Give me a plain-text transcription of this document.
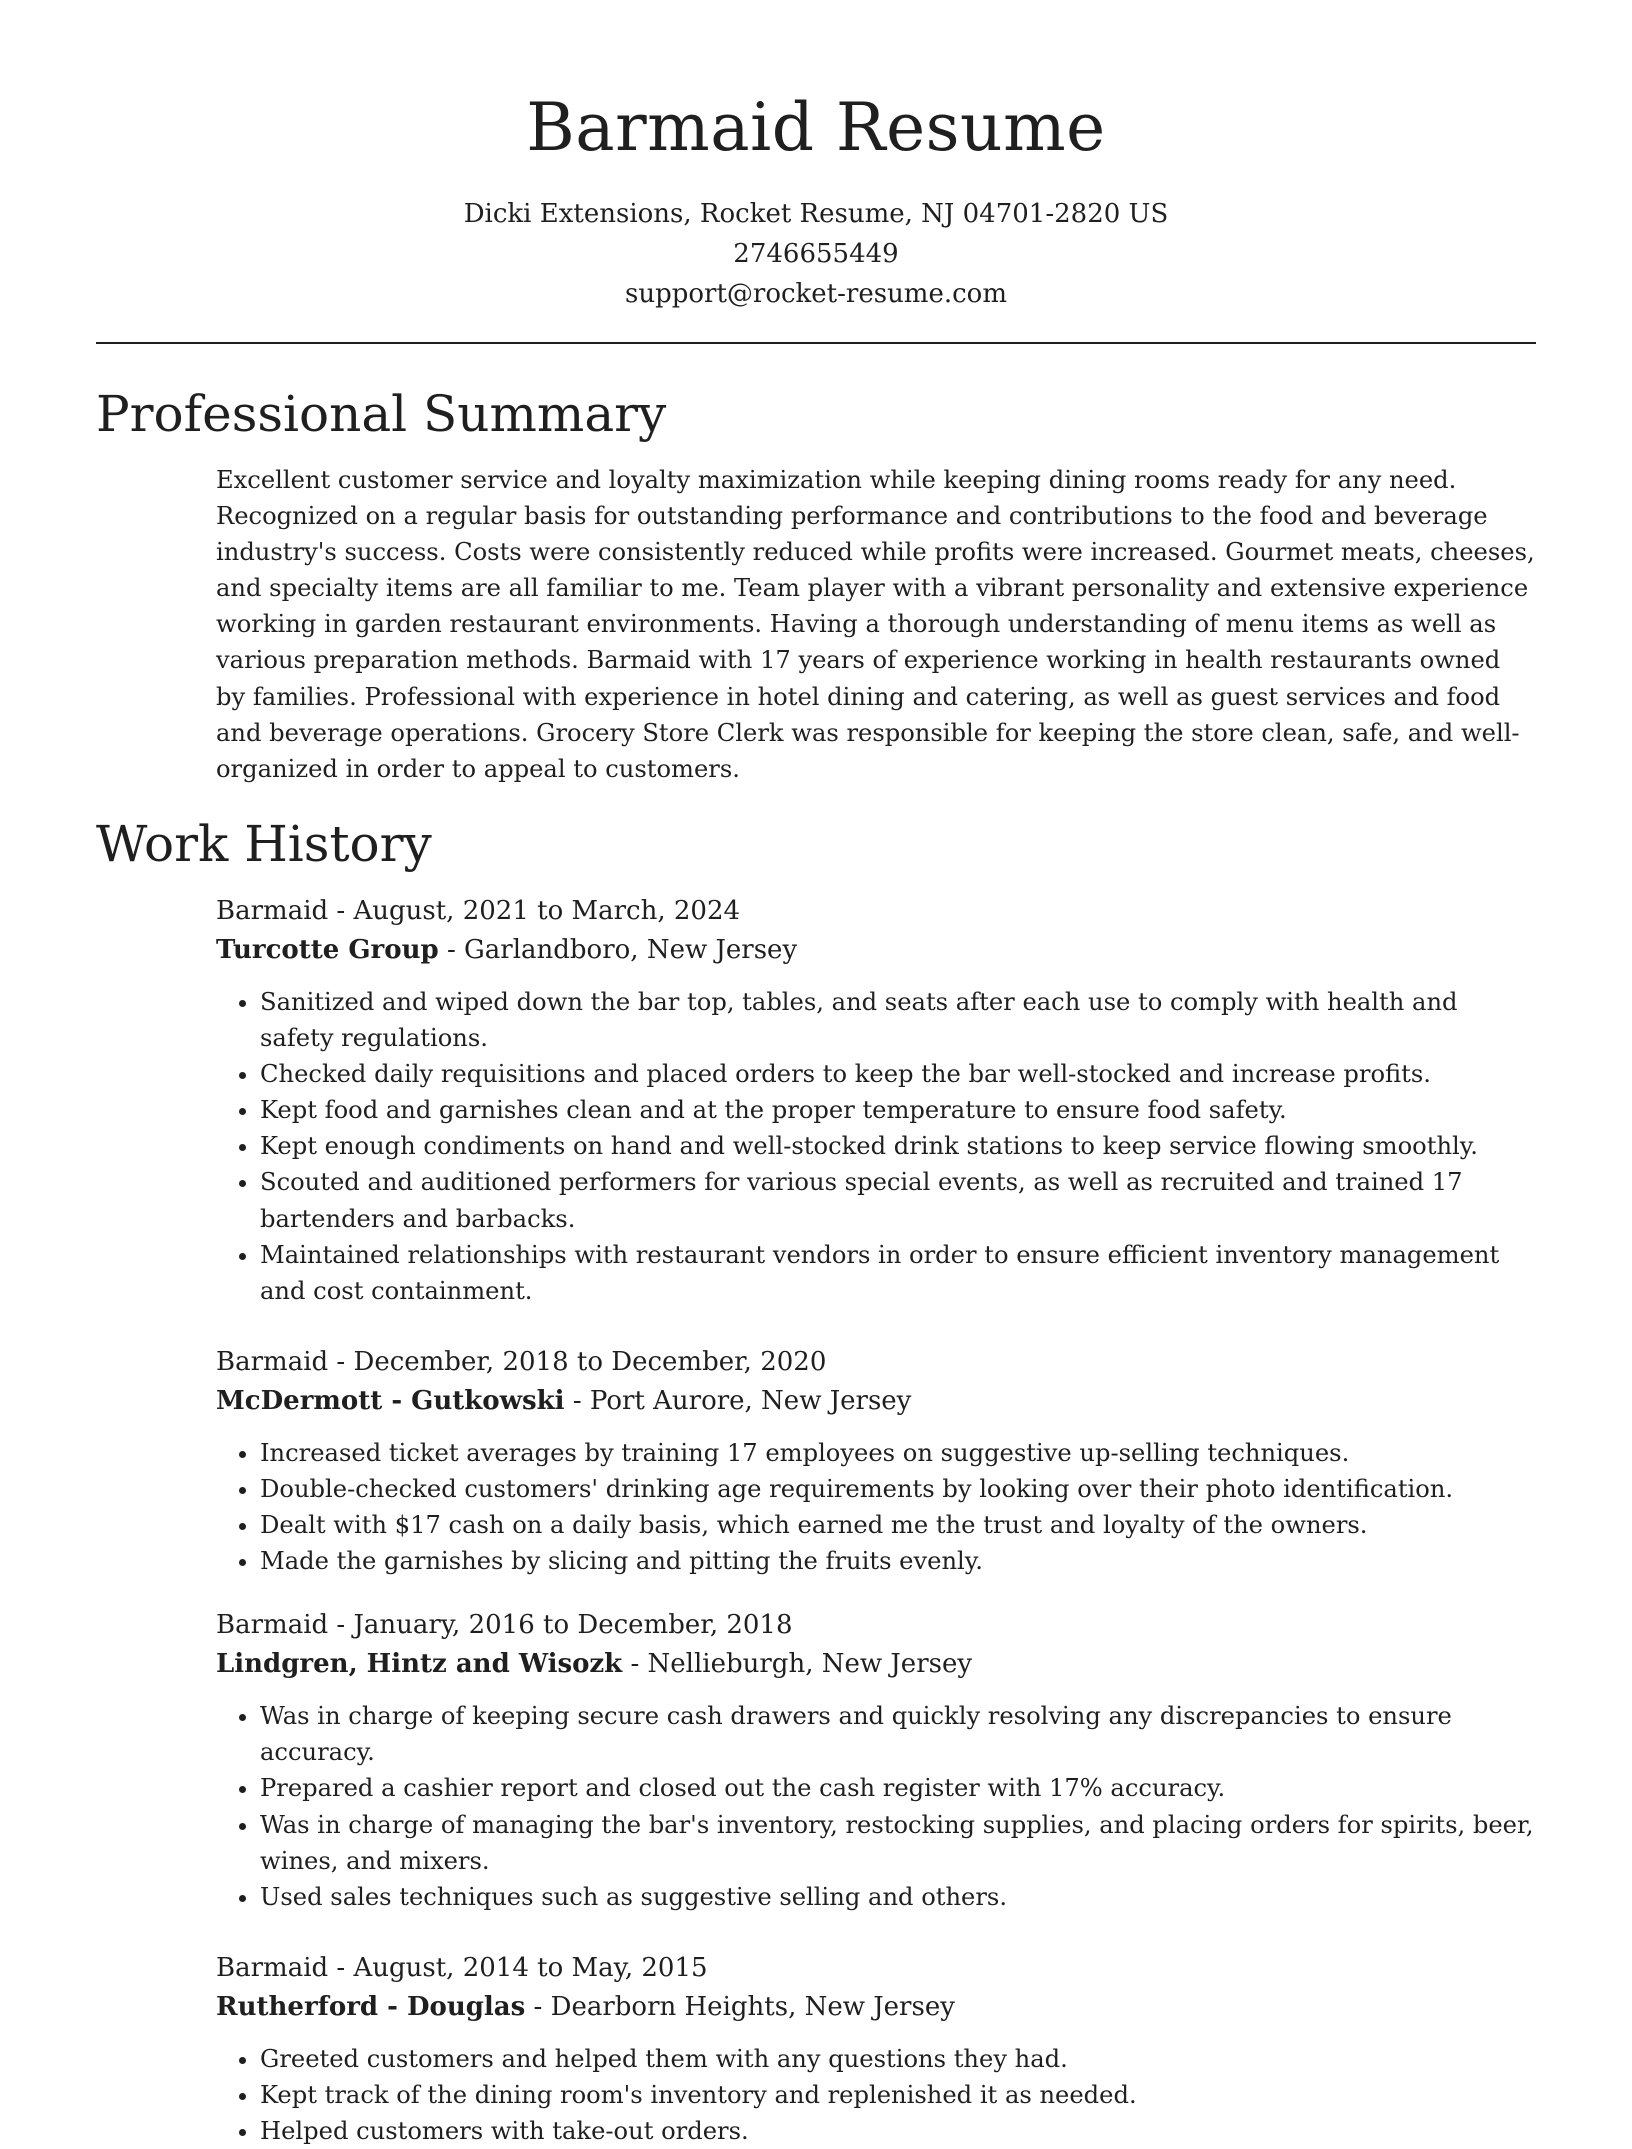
Barmaid Resume
Dicki Extensions, Rocket Resume, NJ 04701-2820 US
2746655449
support@rocket-resume.com
Professional Summary

Excellent customer service and loyalty maximization while keeping dining rooms ready for any need. Recognized on a regular basis for outstanding performance and contributions to the food and beverage industry's success. Costs were consistently reduced while profits were increased. Gourmet meats, cheeses, and specialty items are all familiar to me. Team player with a vibrant personality and extensive experience working in garden restaurant environments. Having a thorough understanding of menu items as well as various preparation methods. Barmaid with 17 years of experience working in health restaurants owned by families. Professional with experience in hotel dining and catering, as well as guest services and food and beverage operations. Grocery Store Clerk was responsible for keeping the store clean, safe, and well-organized in order to appeal to customers.

Work History
Barmaid - August, 2021 to March, 2024
Turcotte Group - Garlandboro, New Jersey
• Sanitized and wiped down the bar top, tables, and seats after each use to comply with health and safety regulations.
• Checked daily requisitions and placed orders to keep the bar well-stocked and increase profits.
• Kept food and garnishes clean and at the proper temperature to ensure food safety.
• Kept enough condiments on hand and well-stocked drink stations to keep service flowing smoothly.
• Scouted and auditioned performers for various special events, as well as recruited and trained 17 bartenders and barbacks.
• Maintained relationships with restaurant vendors in order to ensure efficient inventory management and cost containment.
Barmaid - December, 2018 to December, 2020
McDermott - Gutkowski - Port Aurore, New Jersey
• Increased ticket averages by training 17 employees on suggestive up-selling techniques.
• Double-checked customers' drinking age requirements by looking over their photo identification.
• Dealt with $17 cash on a daily basis, which earned me the trust and loyalty of the owners.
• Made the garnishes by slicing and pitting the fruits evenly.
Barmaid - January, 2016 to December, 2018
Lindgren, Hintz and Wisozk - Nellieburgh, New Jersey
• Was in charge of keeping secure cash drawers and quickly resolving any discrepancies to ensure accuracy.
• Prepared a cashier report and closed out the cash register with 17% accuracy.
• Was in charge of managing the bar's inventory, restocking supplies, and placing orders for spirits, beer, wines, and mixers.
• Used sales techniques such as suggestive selling and others.
Barmaid - August, 2014 to May, 2015
Rutherford - Douglas - Dearborn Heights, New Jersey
• Greeted customers and helped them with any questions they had.
• Kept track of the dining room's inventory and replenished it as needed.
• Helped customers with take-out orders.
